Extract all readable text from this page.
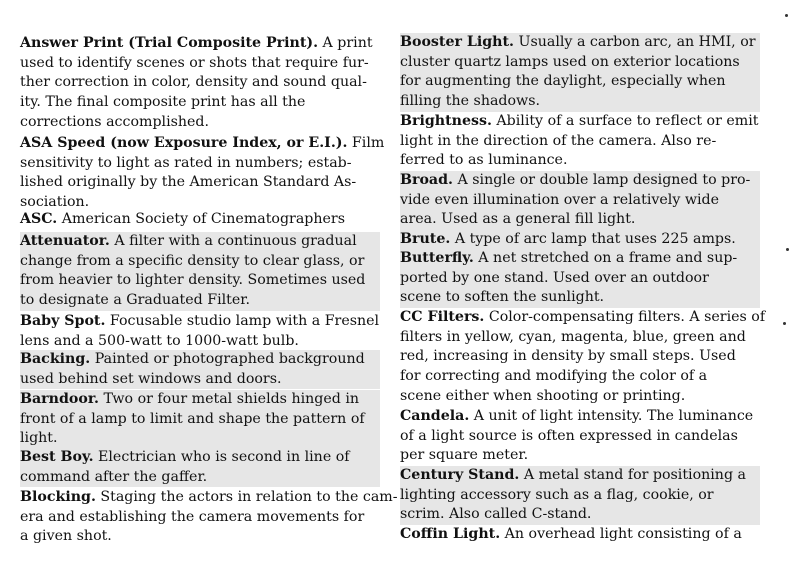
Answer Print (Trial Composite Print). A print
used to identify scenes or shots that require fur-
ther correction in color, density and sound qual-
ity. The final composite print has all the
corrections accomplished.
ASA Speed (now Exposure Index, or E.I.). Film
sensitivity to light as rated in numbers; estab-
lished originally by the American Standard As-
sociation.
ASC. American Society of Cinematographers
Attenuator. A filter with a continuous gradual
change from a specific density to clear glass, or
from heavier to lighter density. Sometimes used
to designate a Graduated Filter.
Baby Spot. Focusable studio lamp with a Fresnel
lens and a 500-watt to 1000-watt bulb.
Backing. Painted or photographed background
used behind set windows and doors.
Barndoor. Two or four metal shields hinged in
front of a lamp to limit and shape the pattern of
light.
Best Boy. Electrician who is second in line of
command after the gaffer.
Blocking. Staging the actors in relation to the cam-
era and establishing the camera movements for
a given shot.
Booster Light. Usually a carbon arc, an HMI, or
cluster quartz lamps used on exterior locations
for augmenting the daylight, especially when
filling the shadows.
Brightness. Ability of a surface to reflect or emit
light in the direction of the camera. Also re-
ferred to as luminance.
Broad. A single or double lamp designed to pro-
vide even illumination over a relatively wide
area. Used as a general fill light.
Brute. A type of arc lamp that uses 225 amps.
Butterfly. A net stretched on a frame and sup-
ported by one stand. Used over an outdoor
scene to soften the sunlight.
CC Filters. Color-compensating filters. A series of
filters in yellow, cyan, magenta, blue, green and
red, increasing in density by small steps. Used
for correcting and modifying the color of a
scene either when shooting or printing.
Candela. A unit of light intensity. The luminance
of a light source is often expressed in candelas
per square meter.
Century Stand. A metal stand for positioning a
lighting accessory such as a flag, cookie, or
scrim. Also called C-stand.
Coffin Light. An overhead light consisting of a
